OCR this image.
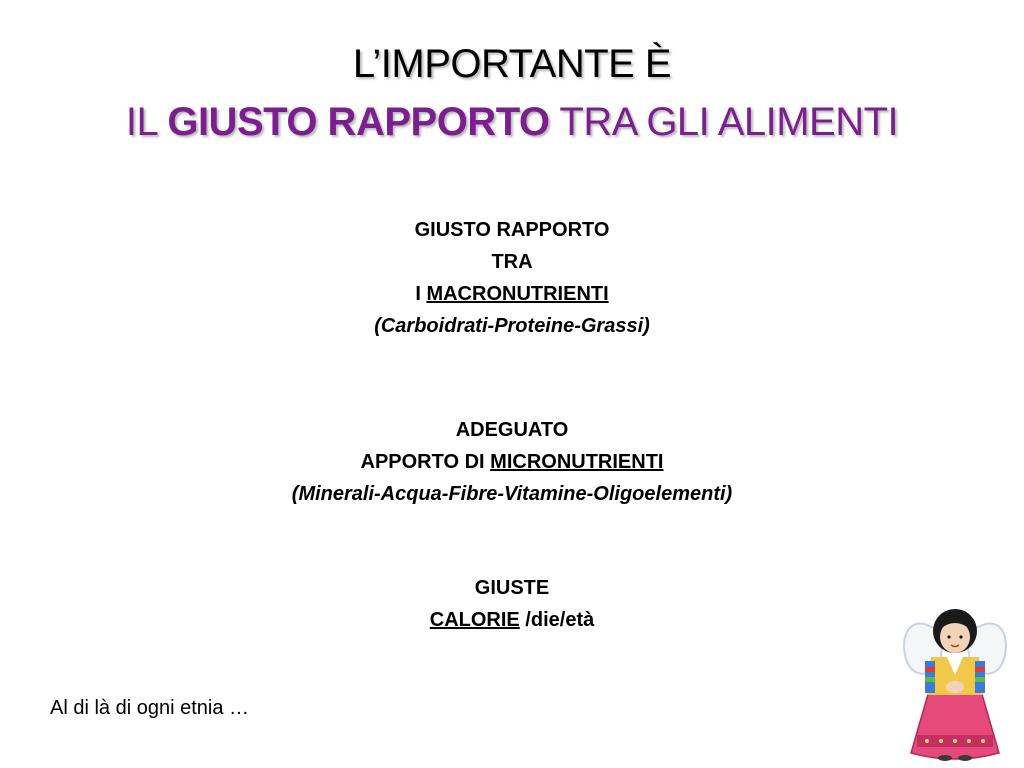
L’IMPORTANTE È
IL GIUSTO RAPPORTO TRA GLI ALIMENTI
GIUSTO RAPPORTO
TRA
I MACRONUTRIENTI
(Carboidrati-Proteine-Grassi)
ADEGUATO
APPORTO DI MICRONUTRIENTI
(Minerali-Acqua-Fibre-Vitamine-Oligoelementi)
GIUSTE
CALORIE /die/età
Al di là di ogni etnia …
